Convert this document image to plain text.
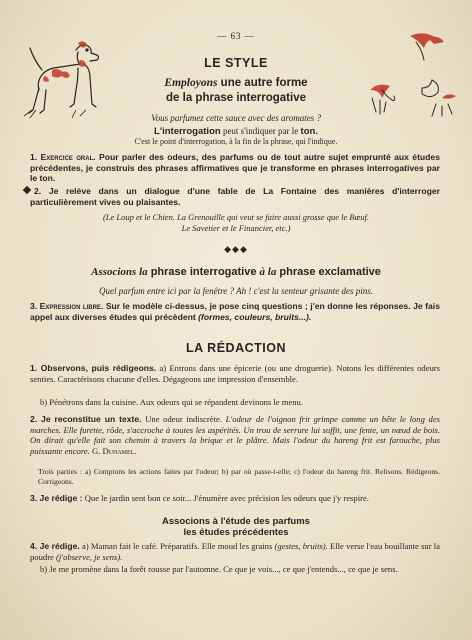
— 63 —
LE STYLE
Employons une autre forme
de la phrase interrogative
Vous parfumez cette sauce avec des aromates ?
L'interrogation peut s'indiquer par le ton.
C'est le point d'interrogation, à la fin de la phrase, qui l'indique.
1. Exercice oral. Pour parler des odeurs, des parfums ou de tout autre sujet emprunté aux études précédentes, je construis des phrases affirmatives que je transforme en phrases interrogatives par le ton.
2. Je relève dans un dialogue d'une fable de La Fontaine des manières d'interroger particulièrement vives ou plaisantes.
(Le Loup et le Chien. La Grenouille qui veut se faire aussi grosse que le Bœuf.
Le Savetier et le Financier, etc.)
◆◆◆
Associons la phrase interrogative à la phrase exclamative
Quel parfum entre ici par la fenêtre ? Ah ! c'est la senteur grisante des pins.
3. Expression libre. Sur le modèle ci-dessus, je pose cinq questions ; j'en donne les réponses. Je fais appel aux diverses études qui précèdent (formes, couleurs, bruits...).
LA RÉDACTION
1. Observons, puis rédigeons. a) Entrons dans une épicerie (ou une droguerie). Notons les différentes odeurs senties. Caractérisons chacune d'elles. Dégageons une impression d'ensemble.
b) Pénétrons dans la cuisine. Aux odeurs qui se répandent devinons le menu.
2. Je reconstitue un texte. Une odeur indiscrète. L'odeur de l'oignon frit grimpe comme un bête le long des marches. Elle furette, rôde, s'accroche à toutes les aspérités. Un trou de serrure lui suffit, une fente, un nœud de bois. On dirait qu'elle fait son chemin à travers la brique et le plâtre. Mais l'odeur du hareng frit est farouche, plus puissante encore. G. Duhamel.
Trois parties : a) Comptons les actions faites par l'odeur; b) par où passe-t-elle; c) l'odeur du hareng frit. Relisons. Rédigeons. Corrigeons.
3. Je rédige : Que le jardin sent bon ce soir... J'énumère avec précision les odeurs que j'y respire.
Associons à l'étude des parfums
les études précédentes
4. Je rédige. a) Maman fait le café. Préparatifs. Elle moud les grains (gestes, bruits). Elle verse l'eau bouillante sur la poudre (j'observe, je sens).
b) Je me promène dans la forêt rousse par l'automne. Ce que je vois..., ce que j'entends..., ce que je sens.
